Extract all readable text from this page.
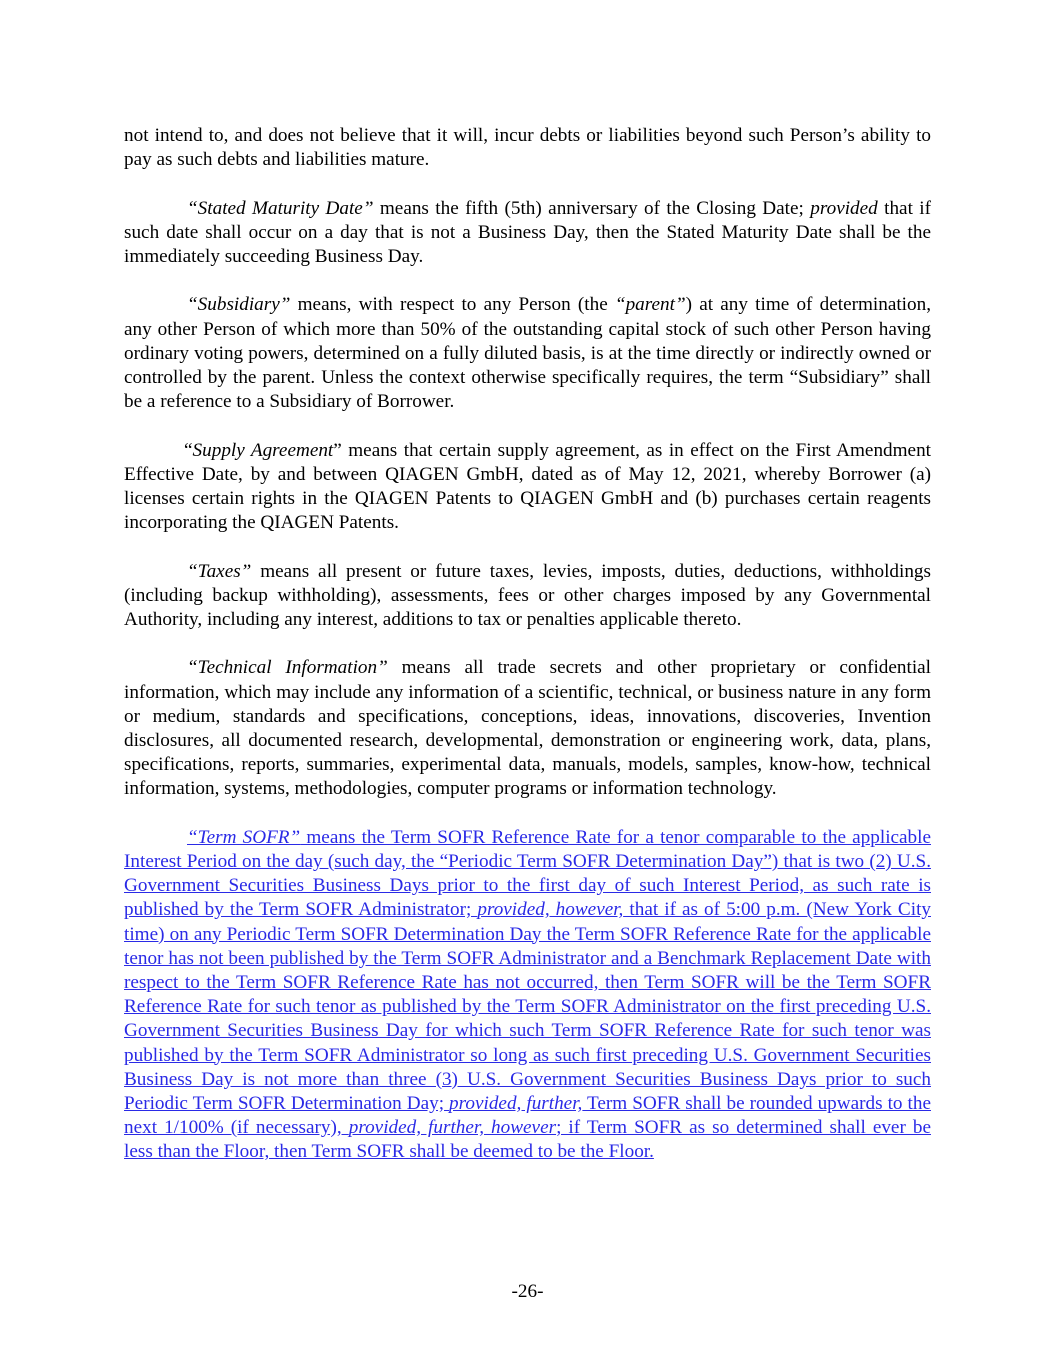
not intend to, and does not believe that it will, incur debts or liabilities beyond such Person’s ability to pay as such debts and liabilities mature.

“Stated Maturity Date” means the fifth (5th) anniversary of the Closing Date; provided that if such date shall occur on a day that is not a Business Day, then the Stated Maturity Date shall be the immediately succeeding Business Day.

“Subsidiary” means, with respect to any Person (the “parent”) at any time of determination, any other Person of which more than 50% of the outstanding capital stock of such other Person having ordinary voting powers, determined on a fully diluted basis, is at the time directly or indirectly owned or controlled by the parent. Unless the context otherwise specifically requires, the term “Subsidiary” shall be a reference to a Subsidiary of Borrower.

“Supply Agreement” means that certain supply agreement, as in effect on the First Amendment Effective Date, by and between QIAGEN GmbH, dated as of May 12, 2021, whereby Borrower (a) licenses certain rights in the QIAGEN Patents to QIAGEN GmbH and (b) purchases certain reagents incorporating the QIAGEN Patents.

“Taxes” means all present or future taxes, levies, imposts, duties, deductions, withholdings (including backup withholding), assessments, fees or other charges imposed by any Governmental Authority, including any interest, additions to tax or penalties applicable thereto.

“Technical Information” means all trade secrets and other proprietary or confidential information, which may include any information of a scientific, technical, or business nature in any form or medium, standards and specifications, conceptions, ideas, innovations, discoveries, Invention disclosures, all documented research, developmental, demonstration or engineering work, data, plans, specifications, reports, summaries, experimental data, manuals, models, samples, know-how, technical information, systems, methodologies, computer programs or information technology.

“Term SOFR” means the Term SOFR Reference Rate for a tenor comparable to the applicable Interest Period on the day (such day, the “Periodic Term SOFR Determination Day”) that is two (2) U.S. Government Securities Business Days prior to the first day of such Interest Period, as such rate is published by the Term SOFR Administrator; provided, however, that if as of 5:00 p.m. (New York City time) on any Periodic Term SOFR Determination Day the Term SOFR Reference Rate for the applicable tenor has not been published by the Term SOFR Administrator and a Benchmark Replacement Date with respect to the Term SOFR Reference Rate has not occurred, then Term SOFR will be the Term SOFR Reference Rate for such tenor as published by the Term SOFR Administrator on the first preceding U.S. Government Securities Business Day for which such Term SOFR Reference Rate for such tenor was published by the Term SOFR Administrator so long as such first preceding U.S. Government Securities Business Day is not more than three (3) U.S. Government Securities Business Days prior to such Periodic Term SOFR Determination Day; provided, further, Term SOFR shall be rounded upwards to the next 1/100% (if necessary), provided, further, however; if Term SOFR as so determined shall ever be less than the Floor, then Term SOFR shall be deemed to be the Floor.

-26-
